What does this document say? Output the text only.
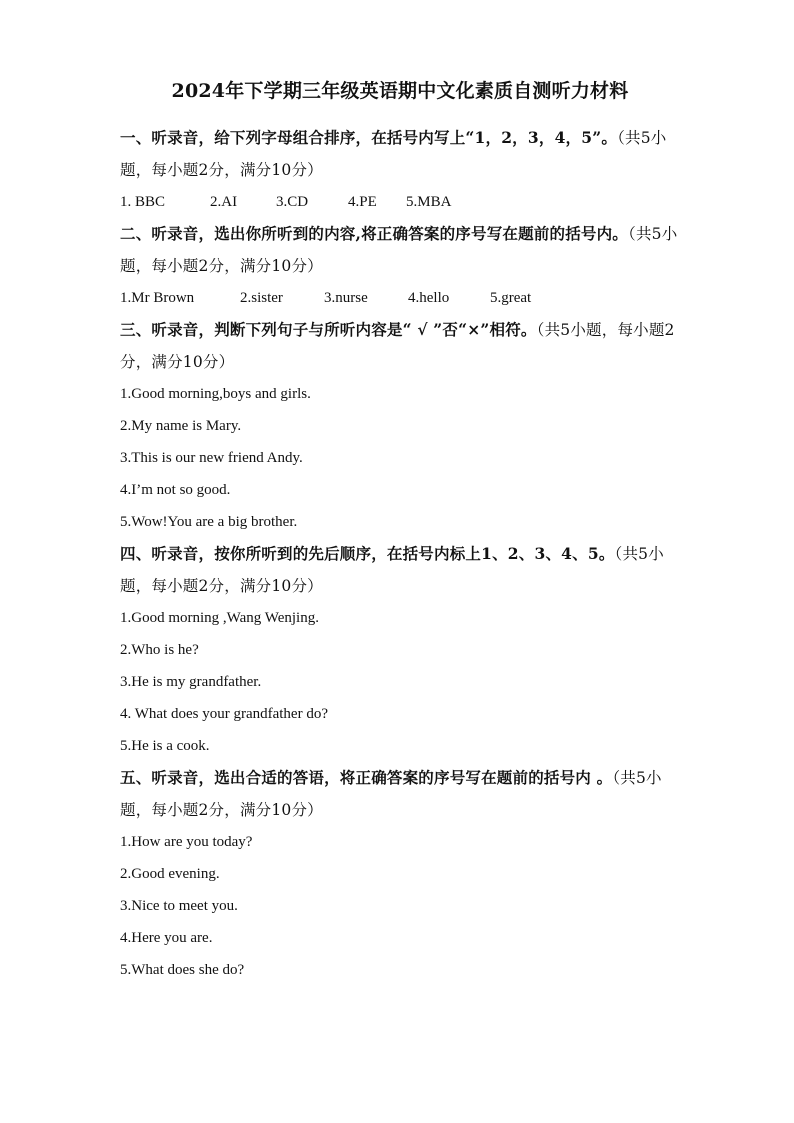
2024年下学期三年级英语期中文化素质自测听力材料

一、听录音，给下列字母组合排序，在括号内写上“1，2，3，4，5”。（共5小题，每小题2分，满分10分）

1. BBC	2.AI	3.CD	4.PE	5.MBA

二、听录音，选出你所听到的内容,将正确答案的序号写在题前的括号内。（共5小题，每小题2分，满分10分）

1.Mr Brown	2.sister	3.nurse	4.hello	5.great

三、听录音，判断下列句子与所听内容是“ √ ”否“×”相符。（共5小题，每小题2分，满分10分）

1.Good morning,boys and girls.

2.My name is Mary.

3.This is our new friend Andy.

4.I’m not so good.

5.Wow!You are a big brother.

四、听录音，按你所听到的先后顺序，在括号内标上1、2、3、4、5。（共5小题，每小题2分，满分10分）

1.Good morning ,Wang Wenjing.

2.Who is he?

3.He is my grandfather.

4. What does your grandfather do?

5.He is a cook.

五、听录音，选出合适的答语，将正确答案的序号写在题前的括号内 。（共5小题，每小题2分，满分10分）

1.How are you today?

2.Good evening.

3.Nice to meet you.

4.Here you are.

5.What does she do?
